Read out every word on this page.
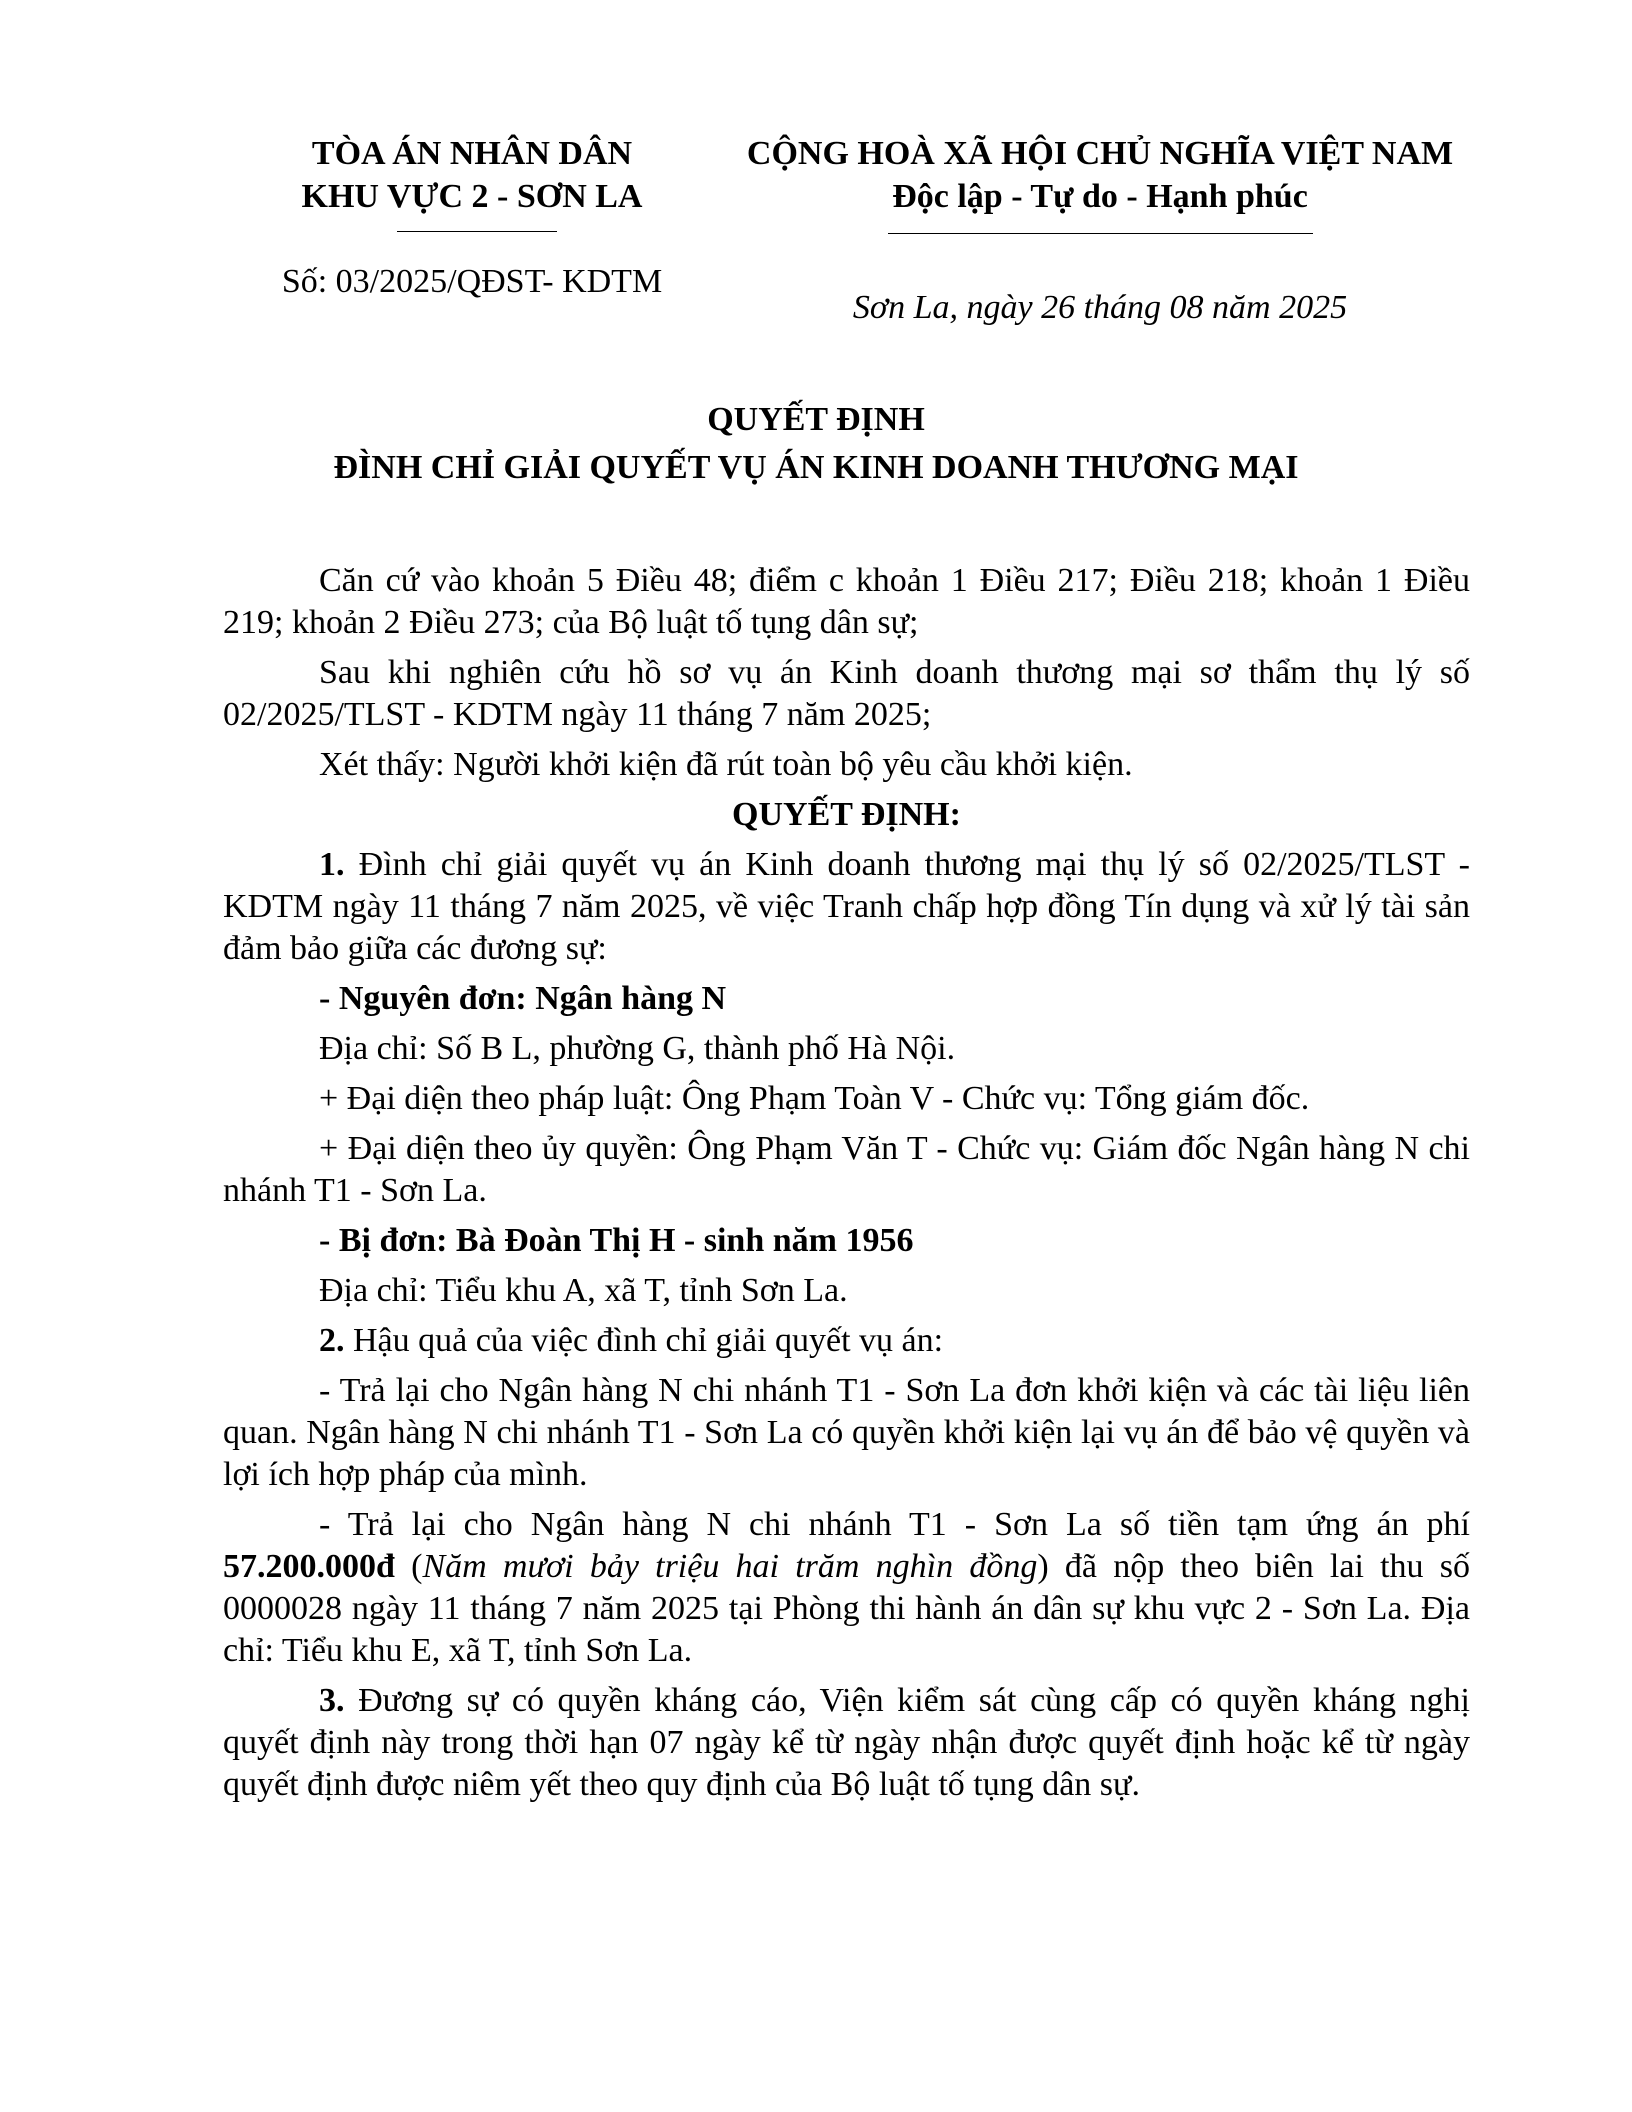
TÒA ÁN NHÂN DÂN
KHU VỰC 2 - SƠN LA
CỘNG HOÀ XÃ HỘI CHỦ NGHĨA VIỆT NAM
Độc lập - Tự do - Hạnh phúc
Số: 03/2025/QĐST- KDTM
Sơn La, ngày 26 tháng 08 năm 2025
QUYẾT ĐỊNH
ĐÌNH CHỈ GIẢI QUYẾT VỤ ÁN KINH DOANH THƯƠNG MẠI

Căn cứ vào khoản 5 Điều 48; điểm c khoản 1 Điều 217; Điều 218; khoản 1 Điều 219; khoản 2 Điều 273; của Bộ luật tố tụng dân sự;

Sau khi nghiên cứu hồ sơ vụ án Kinh doanh thương mại sơ thẩm thụ lý số 02/2025/TLST - KDTM ngày 11 tháng 7 năm 2025;

Xét thấy: Người khởi kiện đã rút toàn bộ yêu cầu khởi kiện.

QUYẾT ĐỊNH:

1. Đình chỉ giải quyết vụ án Kinh doanh thương mại thụ lý số 02/2025/TLST - KDTM ngày 11 tháng 7 năm 2025, về việc Tranh chấp hợp đồng Tín dụng và xử lý tài sản đảm bảo giữa các đương sự:

- Nguyên đơn: Ngân hàng N

Địa chỉ: Số B L, phường G, thành phố Hà Nội.

+ Đại diện theo pháp luật: Ông Phạm Toàn V - Chức vụ: Tổng giám đốc.

+ Đại diện theo ủy quyền: Ông Phạm Văn T - Chức vụ: Giám đốc Ngân hàng N chi nhánh T1 - Sơn La.

- Bị đơn: Bà Đoàn Thị H - sinh năm 1956

Địa chỉ: Tiểu khu A, xã T, tỉnh Sơn La.

2. Hậu quả của việc đình chỉ giải quyết vụ án:

- Trả lại cho Ngân hàng N chi nhánh T1 - Sơn La đơn khởi kiện và các tài liệu liên quan. Ngân hàng N chi nhánh T1 - Sơn La có quyền khởi kiện lại vụ án để bảo vệ quyền và lợi ích hợp pháp của mình.

- Trả lại cho Ngân hàng N chi nhánh T1 - Sơn La số tiền tạm ứng án phí 57.200.000đ (Năm mươi bảy triệu hai trăm nghìn đồng) đã nộp theo biên lai thu số 0000028 ngày 11 tháng 7 năm 2025 tại Phòng thi hành án dân sự khu vực 2 - Sơn La. Địa chỉ: Tiểu khu E, xã T, tỉnh Sơn La.

3. Đương sự có quyền kháng cáo, Viện kiểm sát cùng cấp có quyền kháng nghị quyết định này trong thời hạn 07 ngày kể từ ngày nhận được quyết định hoặc kể từ ngày quyết định được niêm yết theo quy định của Bộ luật tố tụng dân sự.
